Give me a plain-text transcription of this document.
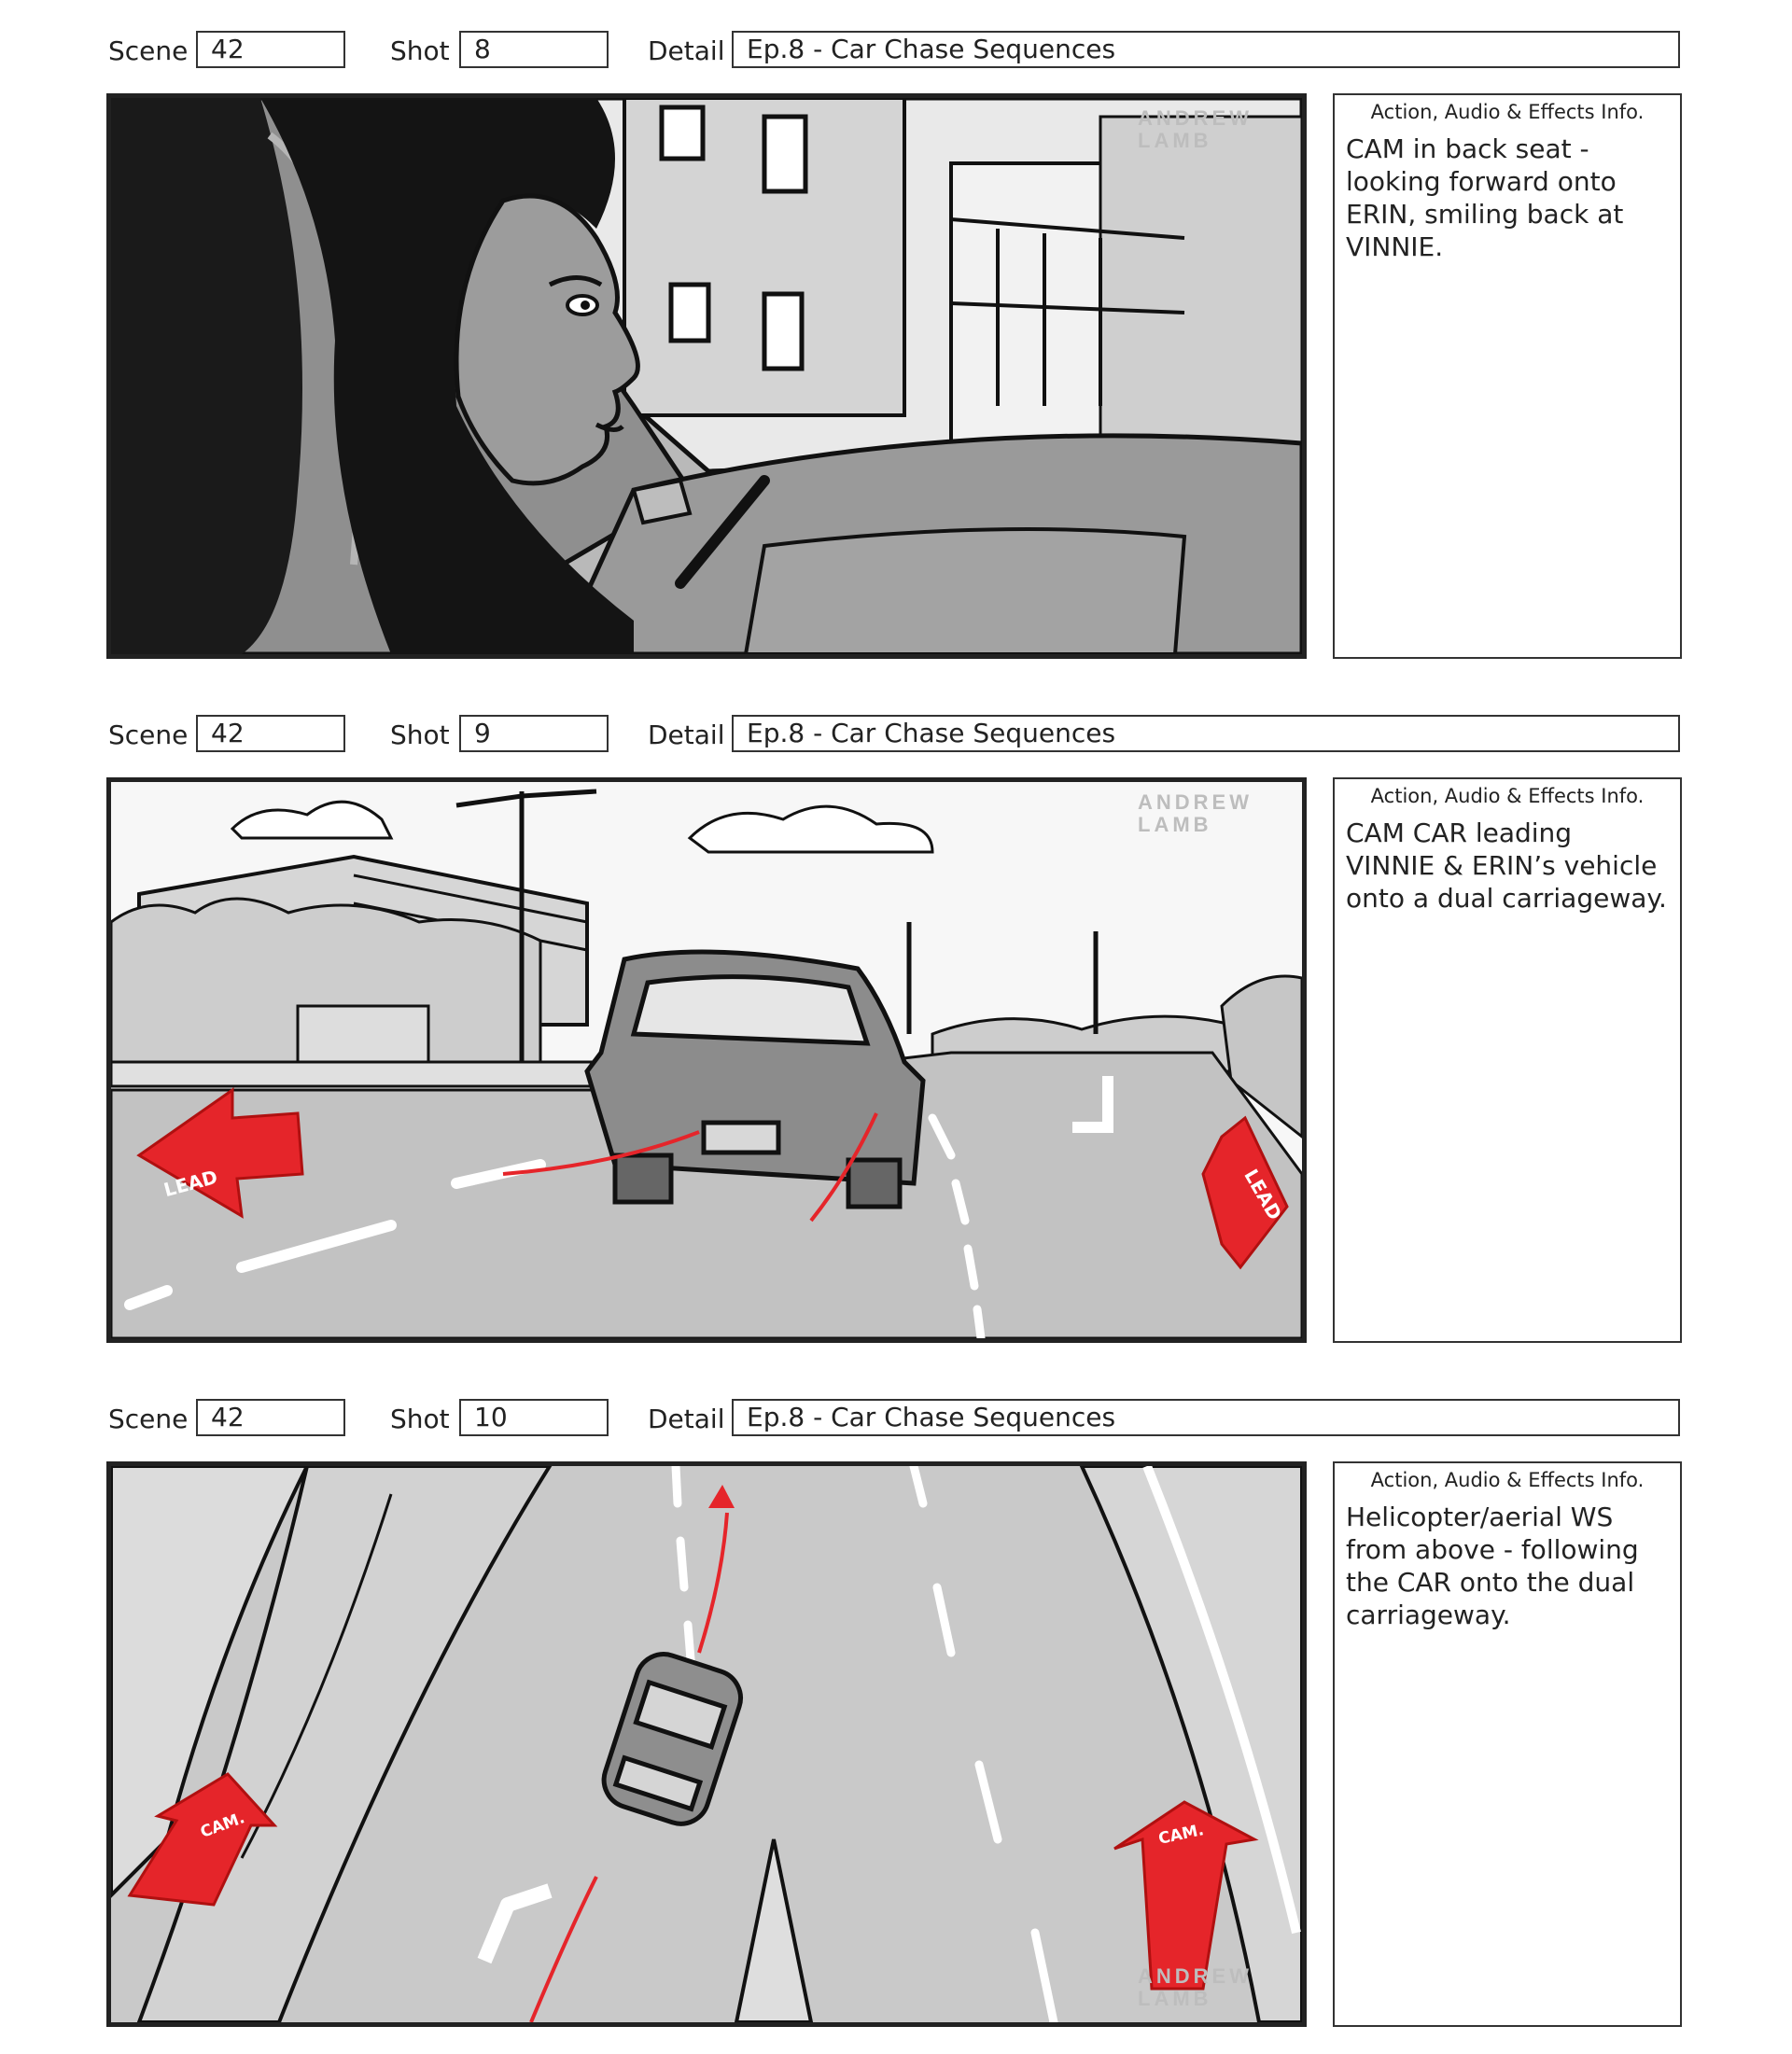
Scene 42	Shot 8	Detail Ep.8 - Car Chase Sequences
ANDREW
LAMB
Action, Audio & Effects Info.
CAM in back seat - looking forward onto ERIN, smiling back at VINNIE.
Scene 42	Shot 9	Detail Ep.8 - Car Chase Sequences
LEAD	LEAD
ANDREW
LAMB
Action, Audio & Effects Info.
CAM CAR leading VINNIE & ERIN’s vehicle onto a dual carriageway.
Scene 42	Shot 10	Detail Ep.8 - Car Chase Sequences
CAM.	CAM.
ANDREW
LAMB
Action, Audio & Effects Info.
Helicopter/aerial WS from above - following the CAR onto the dual carriageway.
